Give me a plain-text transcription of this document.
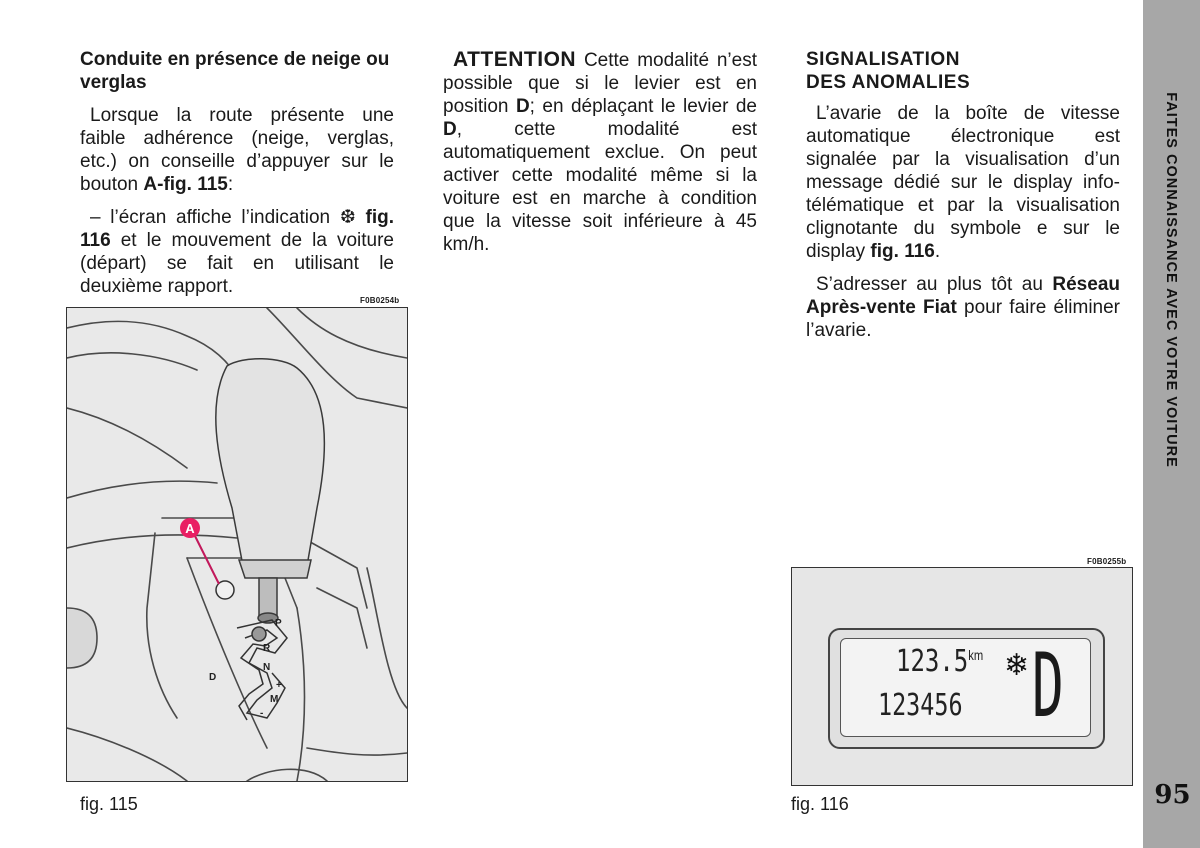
Conduite en présence de neige ou verglas

Lorsque la route présente une faible adhérence (neige, verglas, etc.) on conseille d’appuyer sur le bouton A-fig. 115:

– l’écran affiche l’indication ❆ fig. 116 et le mouvement de la voiture (départ) se fait en utilisant le deuxième rapport.

ATTENTION Cette modalité n’est possible que si le levier est en position D; en déplaçant le levier de D, cette modalité est automatiquement exclue. On peut activer cette modalité même si la voiture est en marche à condition que la vitesse soit inférieure à 45 km/h.

SIGNALISATION
DES ANOMALIES

L’avarie de la boîte de vitesse automatique électronique est signalée par la visualisation d’un message dédié sur le display info-télématique et par la visualisation clignotante du symbole e sur le display fig. 116.

S’adresser au plus tôt au Réseau Après-vente Fiat pour faire éliminer l’avarie.

F0B0254b
P
R
N
D
+
M
-
A
fig. 115
F0B0255b
$123.5^{km}$
123456
❄ D
fig. 116
FAITES CONNAISSANCE AVEC VOTRE VOITURE
95
